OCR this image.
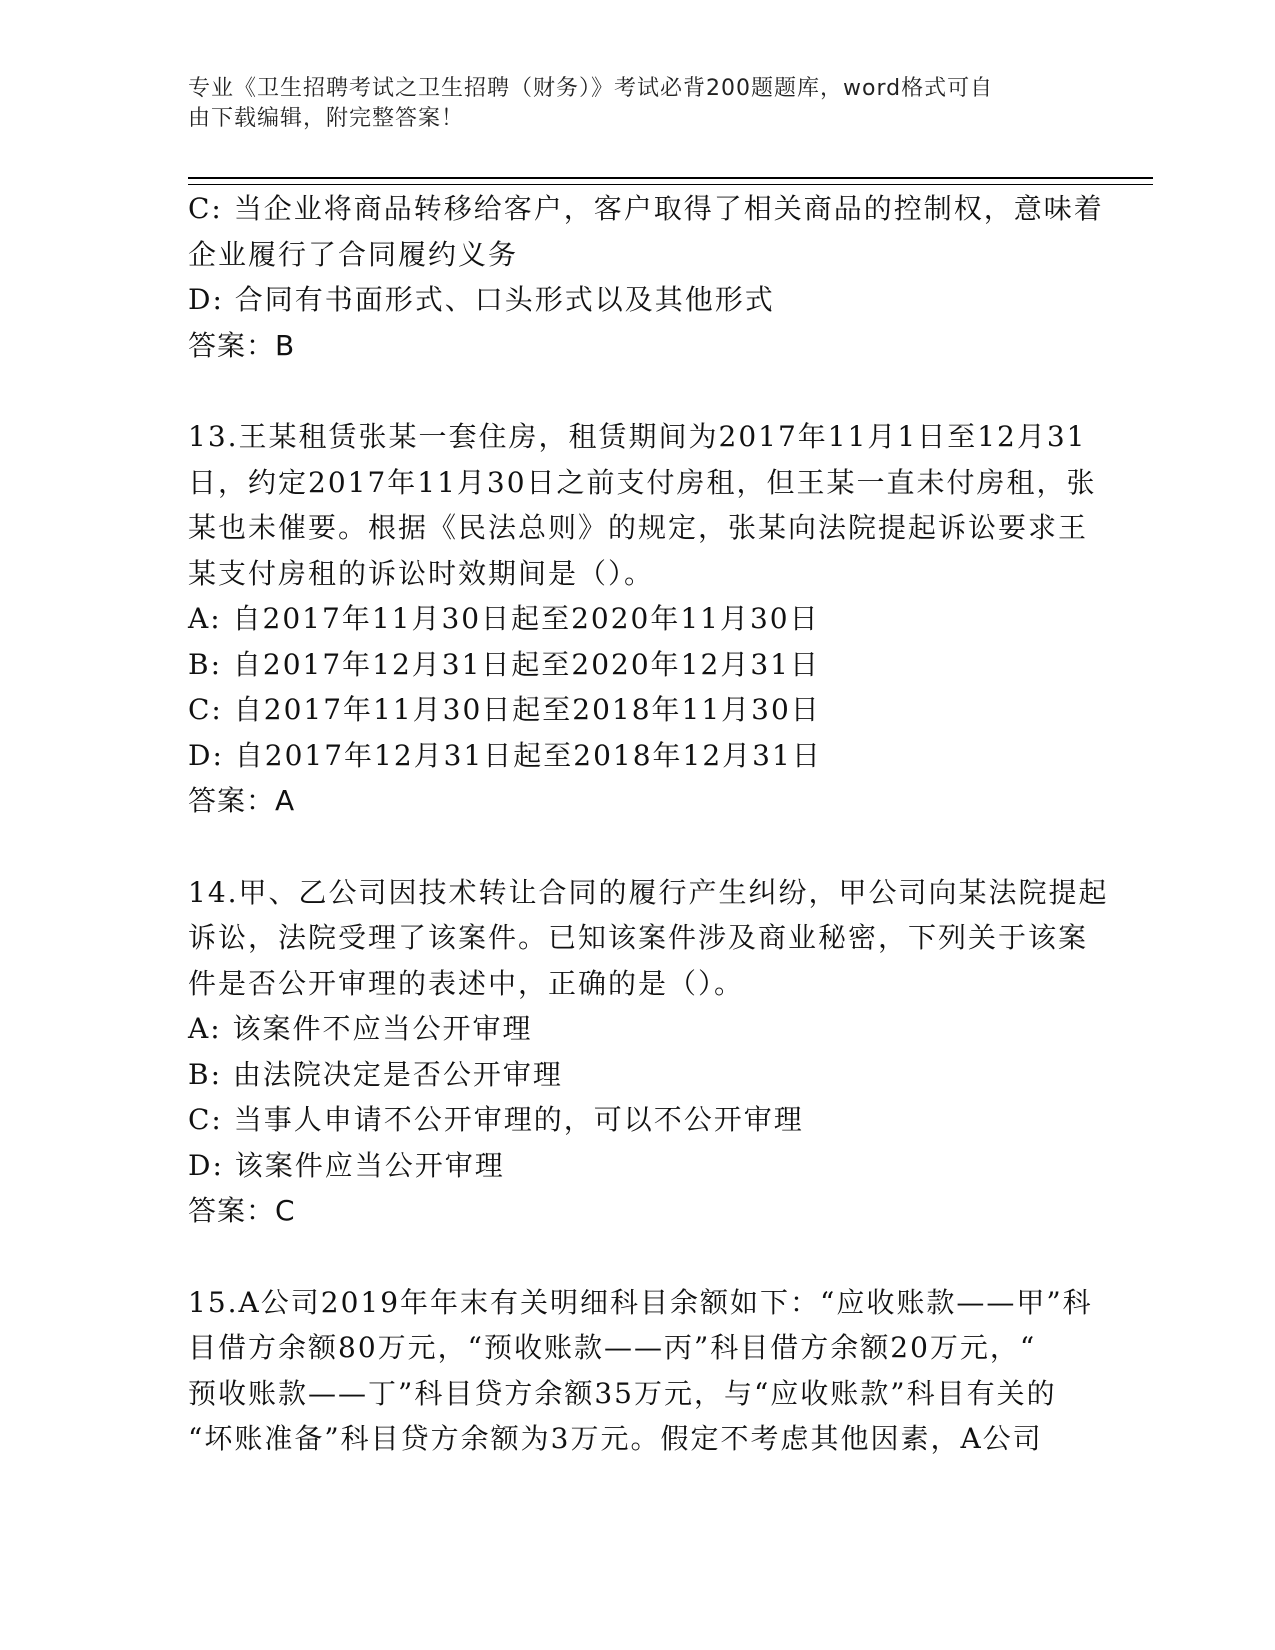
专业《卫生招聘考试之卫生招聘（财务）》考试必背200题题库，word格式可自
由下载编辑，附完整答案！
C: 当企业将商品转移给客户，客户取得了相关商品的控制权，意味着
企业履行了合同履约义务
D: 合同有书面形式、口头形式以及其他形式
答案：B
13.王某租赁张某一套住房，租赁期间为2017年11月1日至12月31
日，约定2017年11月30日之前支付房租，但王某一直未付房租，张
某也未催要。根据《民法总则》的规定，张某向法院提起诉讼要求王
某支付房租的诉讼时效期间是（）。
A: 自2017年11月30日起至2020年11月30日
B: 自2017年12月31日起至2020年12月31日
C: 自2017年11月30日起至2018年11月30日
D: 自2017年12月31日起至2018年12月31日
答案：A
14.甲、乙公司因技术转让合同的履行产生纠纷，甲公司向某法院提起
诉讼，法院受理了该案件。已知该案件涉及商业秘密，下列关于该案
件是否公开审理的表述中，正确的是（）。
A: 该案件不应当公开审理
B: 由法院决定是否公开审理
C: 当事人申请不公开审理的，可以不公开审理
D: 该案件应当公开审理
答案：C
15.A公司2019年年末有关明细科目余额如下：“应收账款——甲”科
目借方余额80万元，“预收账款——丙”科目借方余额20万元，“
预收账款——丁”科目贷方余额35万元，与“应收账款”科目有关的
“坏账准备”科目贷方余额为3万元。假定不考虑其他因素，A公司
